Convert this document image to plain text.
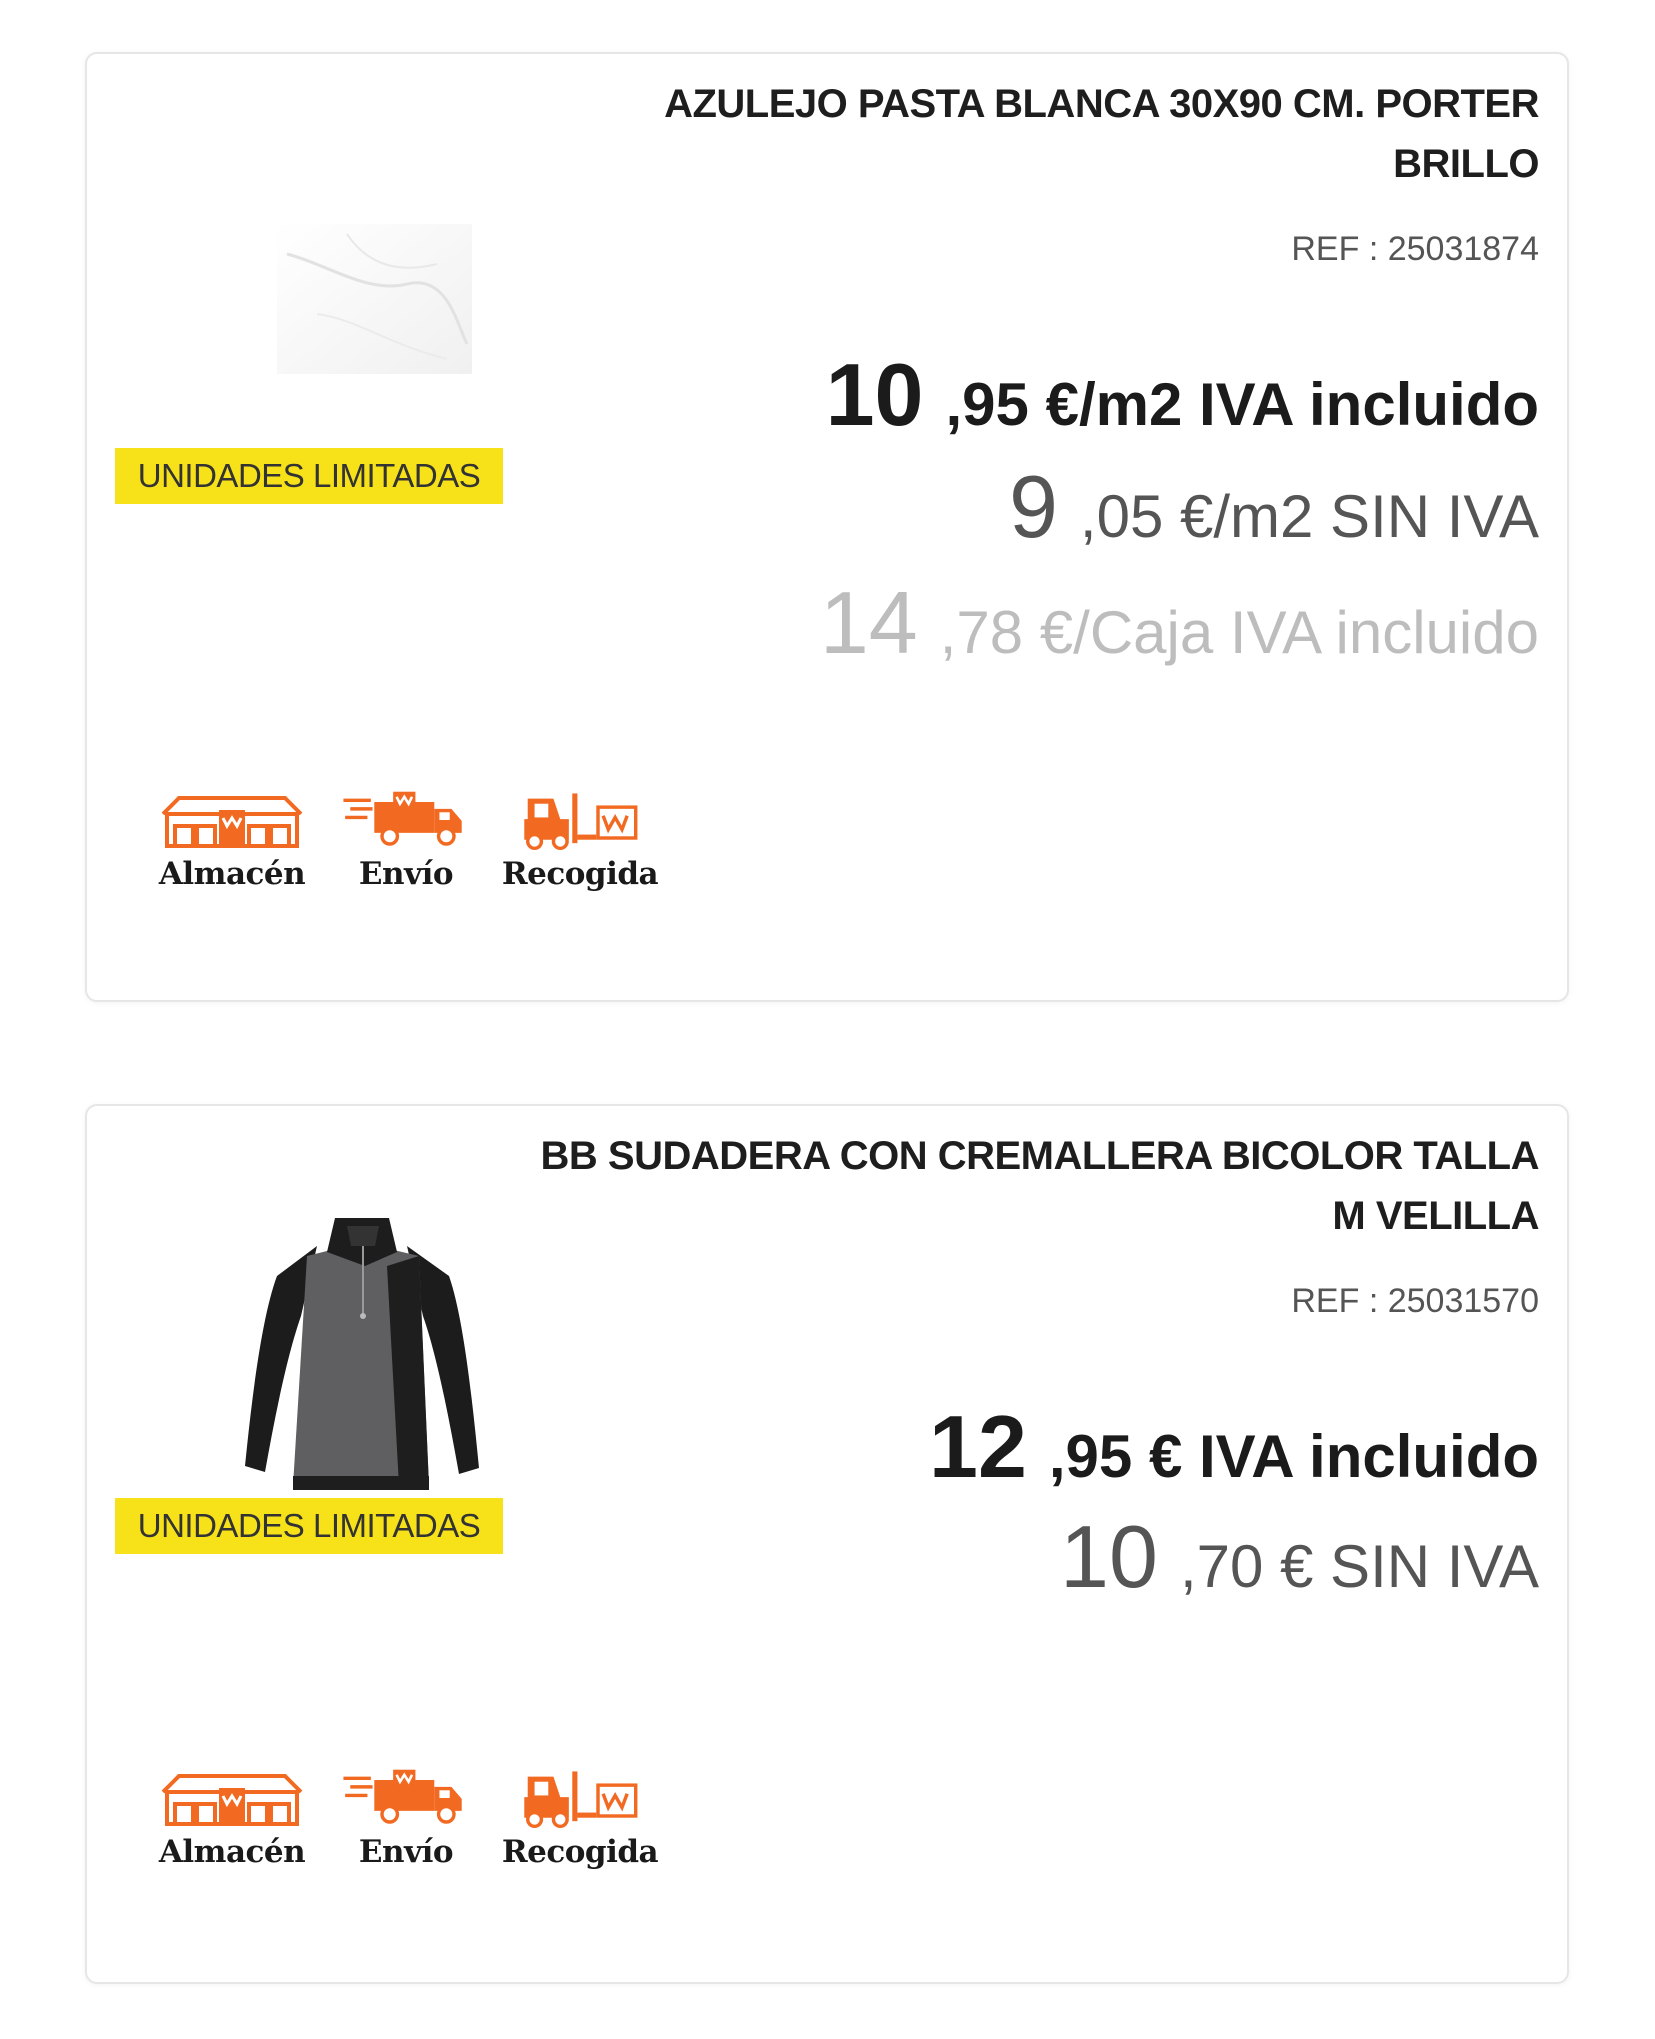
UNIDADES LIMITADAS
AZULEJO PASTA BLANCA 30X90 CM. PORTER BRILLO
REF : 25031874
10 ,95 €/m2 IVA incluido
9 ,05 €/m2 SIN IVA
14 ,78 €/Caja IVA incluido
Almacén Envío Recogida
UNIDADES LIMITADAS
BB SUDADERA CON CREMALLERA BICOLOR TALLA M VELILLA
REF : 25031570
12 ,95 € IVA incluido
10 ,70 € SIN IVA
Almacén Envío Recogida
